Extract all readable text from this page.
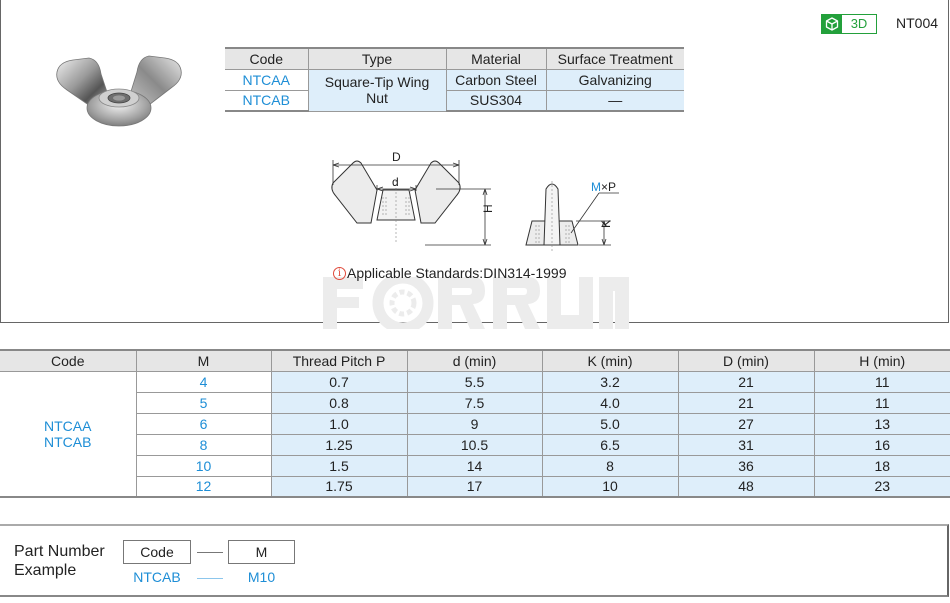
3D	NT004
Code	Type	Material	Surface Treatment
NTCAA	Square-Tip Wing Nut	Carbon Steel	Galvanizing
NTCAB		SUS304	—
D
d
H
M ×P
K
i Applicable Standards:DIN314-1999
Code	M	Thread Pitch P	d (min)	K (min)	D (min)	H (min)

NTCAA
NTCAB	4	0.7	5.5	3.2	21	11
	5	0.8	7.5	4.0	21	11
	6	1.0	9	5.0	27	13
	8	1.25	10.5	6.5	31	16
	10	1.5	14	8	36	18
	12	1.75	17	10	48	23
Part Number
Example
Code	M
NTCAB	M10
